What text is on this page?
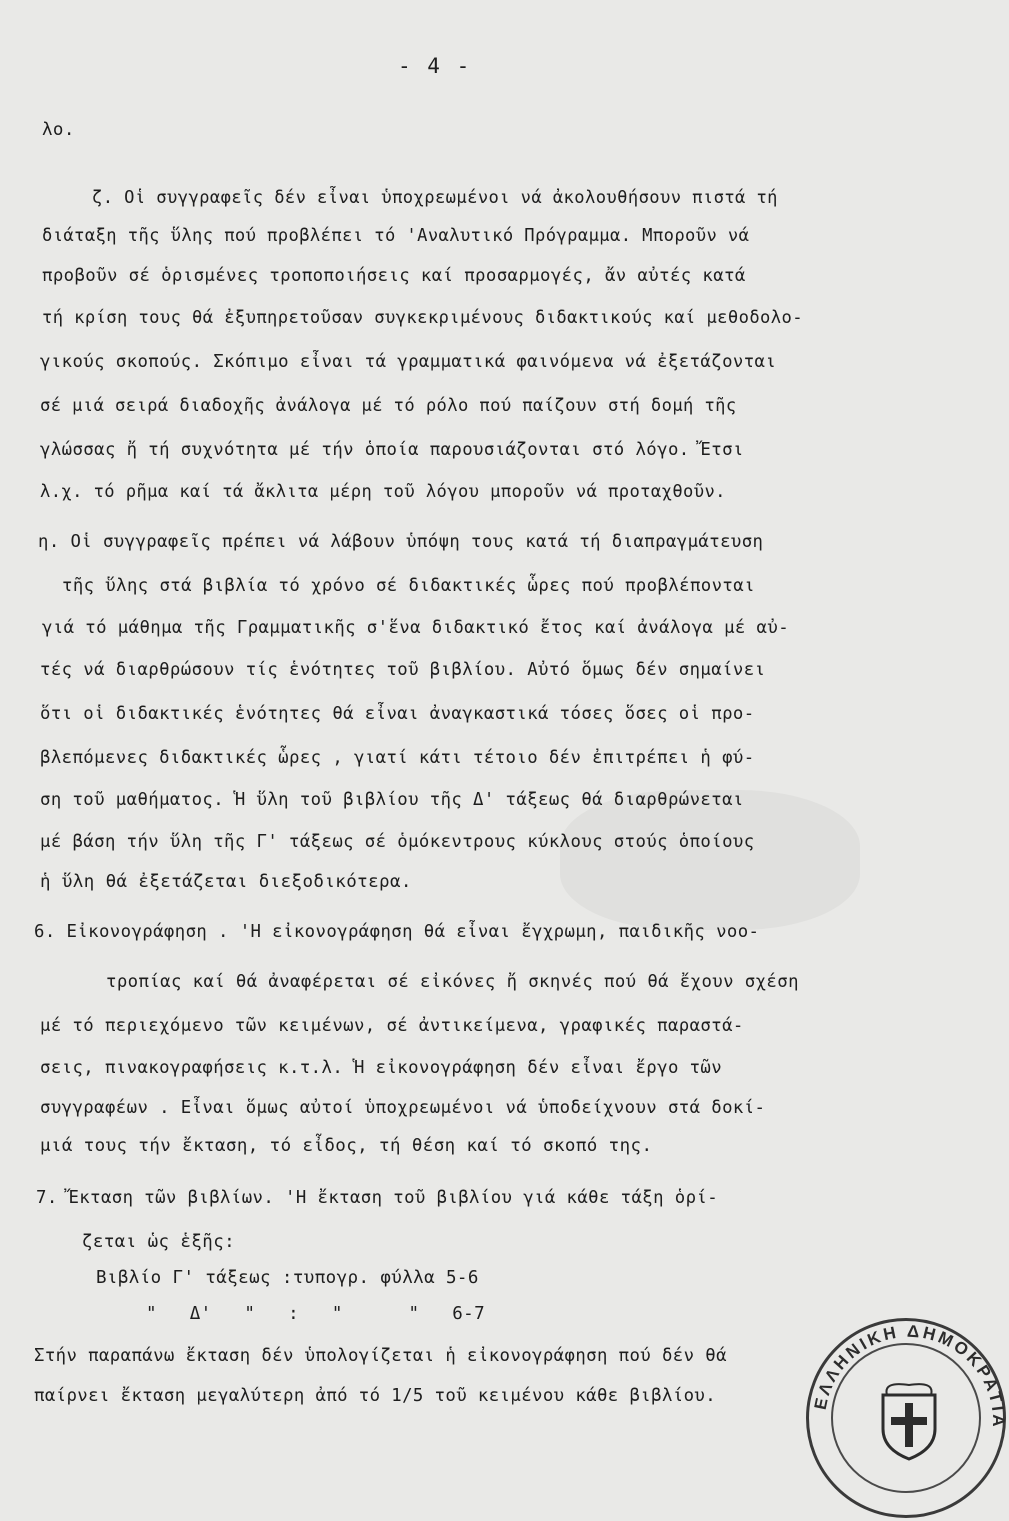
- 4 -
λο.
ζ. Οἱ συγγραφεῖς δέν εἶναι ὑποχρεωμένοι νά ἀκολουθήσουν πιστά τή
διάταξη τῆς ὕλης πού προβλέπει τό 'Αναλυτικό Πρόγραμμα. Μποροῦν νά
προβοῦν σέ ὁρισμένες τροποποιήσεις καί προσαρμογές, ἄν αὐτές κατά
τή κρίση τους θά ἐξυπηρετοῦσαν συγκεκριμένους διδακτικούς καί μεθοδολο-
γικούς σκοπούς. Σκόπιμο εἶναι τά γραμματικά φαινόμενα νά ἐξετάζονται
σέ μιά σειρά διαδοχῆς ἀνάλογα μέ τό ρόλο πού παίζουν στή δομή τῆς
γλώσσας ἤ τή συχνότητα μέ τήν ὁποία παρουσιάζονται στό λόγο. Ἔτσι
λ.χ. τό ρῆμα καί τά ἄκλιτα μέρη τοῦ λόγου μποροῦν νά προταχθοῦν.
η. Οἱ συγγραφεῖς πρέπει νά λάβουν ὑπόψη τους κατά τή διαπραγμάτευση
τῆς ὕλης στά βιβλία τό χρόνο σέ διδακτικές ὧρες πού προβλέπονται
γιά τό μάθημα τῆς Γραμματικῆς σ'ἕνα διδακτικό ἔτος καί ἀνάλογα μέ αὐ-
τές νά διαρθρώσουν τίς ἑνότητες τοῦ βιβλίου. Αὐτό ὅμως δέν σημαίνει
ὅτι οἱ διδακτικές ἑνότητες θά εἶναι ἀναγκαστικά τόσες ὅσες οἱ προ-
βλεπόμενες διδακτικές ὧρες , γιατί κάτι τέτοιο δέν ἐπιτρέπει ἡ φύ-
ση τοῦ μαθήματος. Ἡ ὕλη τοῦ βιβλίου τῆς Δ' τάξεως θά διαρθρώνεται
μέ βάση τήν ὕλη τῆς Γ' τάξεως σέ ὁμόκεντρους κύκλους στούς ὁποίους
ἡ ὕλη θά ἐξετάζεται διεξοδικότερα.
6. Εἰκονογράφηση . 'Η εἰκονογράφηση θά εἶναι ἔγχρωμη, παιδικῆς νοο-
τροπίας καί θά ἀναφέρεται σέ εἰκόνες ἤ σκηνές πού θά ἔχουν σχέση
μέ τό περιεχόμενο τῶν κειμένων, σέ ἀντικείμενα, γραφικές παραστά-
σεις, πινακογραφήσεις κ.τ.λ. Ἡ εἰκονογράφηση δέν εἶναι ἔργο τῶν
συγγραφέων . Εἶναι ὅμως αὐτοί ὑποχρεωμένοι νά ὑποδείχνουν στά δοκί-
μιά τους τήν ἔκταση, τό εἶδος, τή θέση καί τό σκοπό της.
7. Ἔκταση τῶν βιβλίων. 'Η ἔκταση τοῦ βιβλίου γιά κάθε τάξη ὁρί-
ζεται ὡς ἑξῆς:
Βιβλίο Γ' τάξεως :τυπογρ. φύλλα 5-6
"   Δ'   "   :   "      "   6-7
Στήν παραπάνω ἔκταση δέν ὑπολογίζεται ἡ εἰκονογράφηση πού δέν θά
παίρνει ἔκταση μεγαλύτερη ἀπό τό 1/5 τοῦ κειμένου κάθε βιβλίου.	ΕΛΛΗΝΙΚΗ ΔΗΜΟΚΡΑΤΙΑ
